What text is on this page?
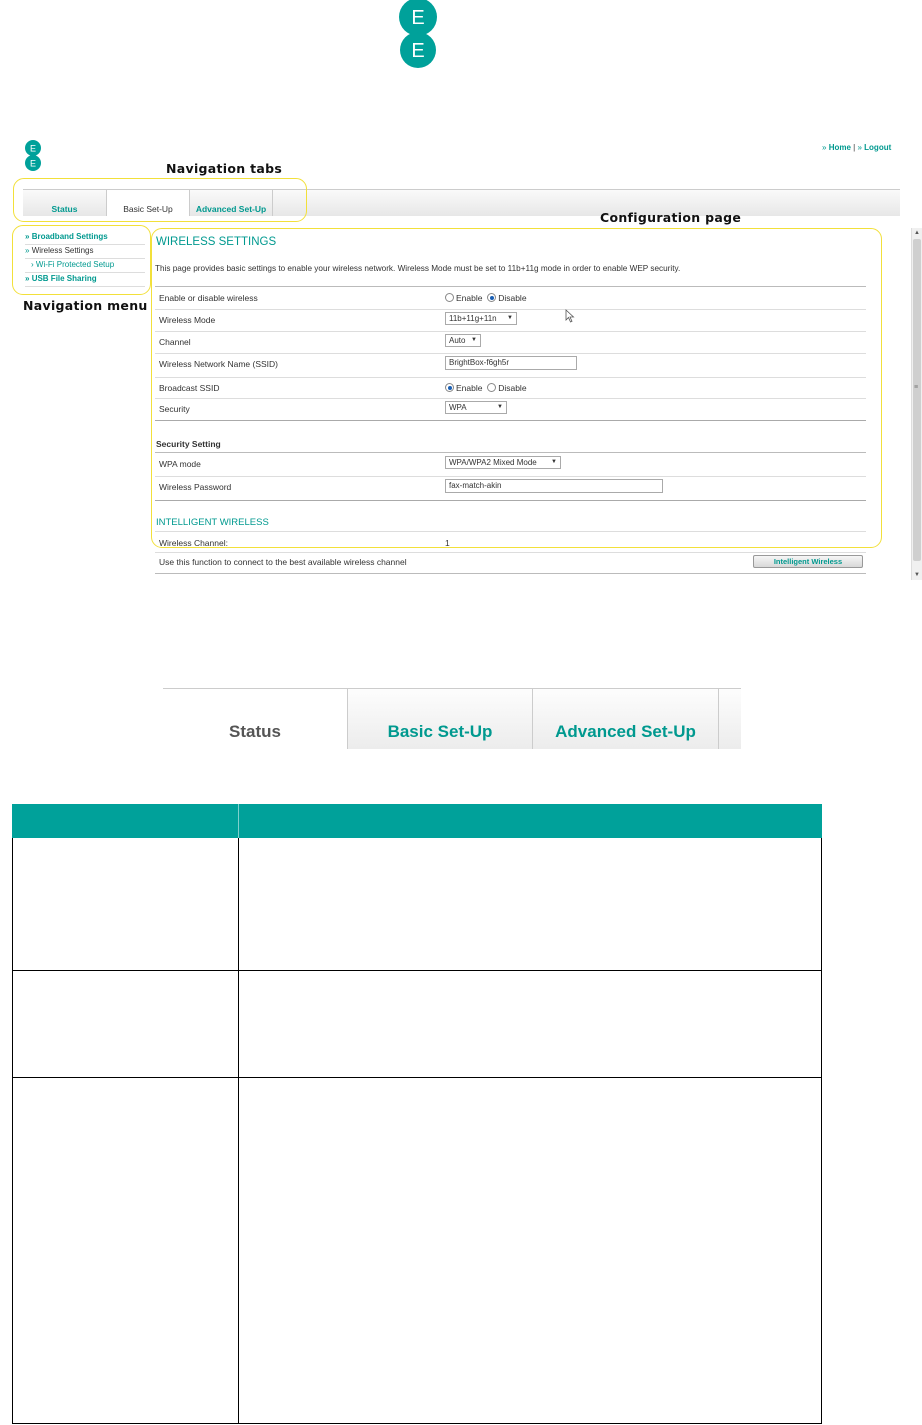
E
E
E
E
» Home | » Logout
Navigation tabs
Status	Basic Set-Up	Advanced Set-Up
Configuration page
» Broadband Settings
» Wireless Settings
› Wi-Fi Protected Setup
» USB File Sharing
Navigation menu
WIRELESS SETTINGS
This page provides basic settings to enable your wireless network. Wireless Mode must be set to 11b+11g mode in order to enable WEP security.
Enable or disable wireless	Enable Disable
Wireless Mode	11b+11g+11n ▼
Channel	Auto ▼
Wireless Network Name (SSID)	BrightBox-f6gh5r
Broadcast SSID	Enable Disable
Security	WPA	▼
Security Setting
WPA mode	WPA/WPA2 Mixed Mode ▼
Wireless Password	fax-match-akin
INTELLIGENT WIRELESS
Wireless Channel:	1
Use this function to connect to the best available wireless channel	Intelligent Wireless
▲
≡
▼
Status	Basic Set-Up	Advanced Set-Up
